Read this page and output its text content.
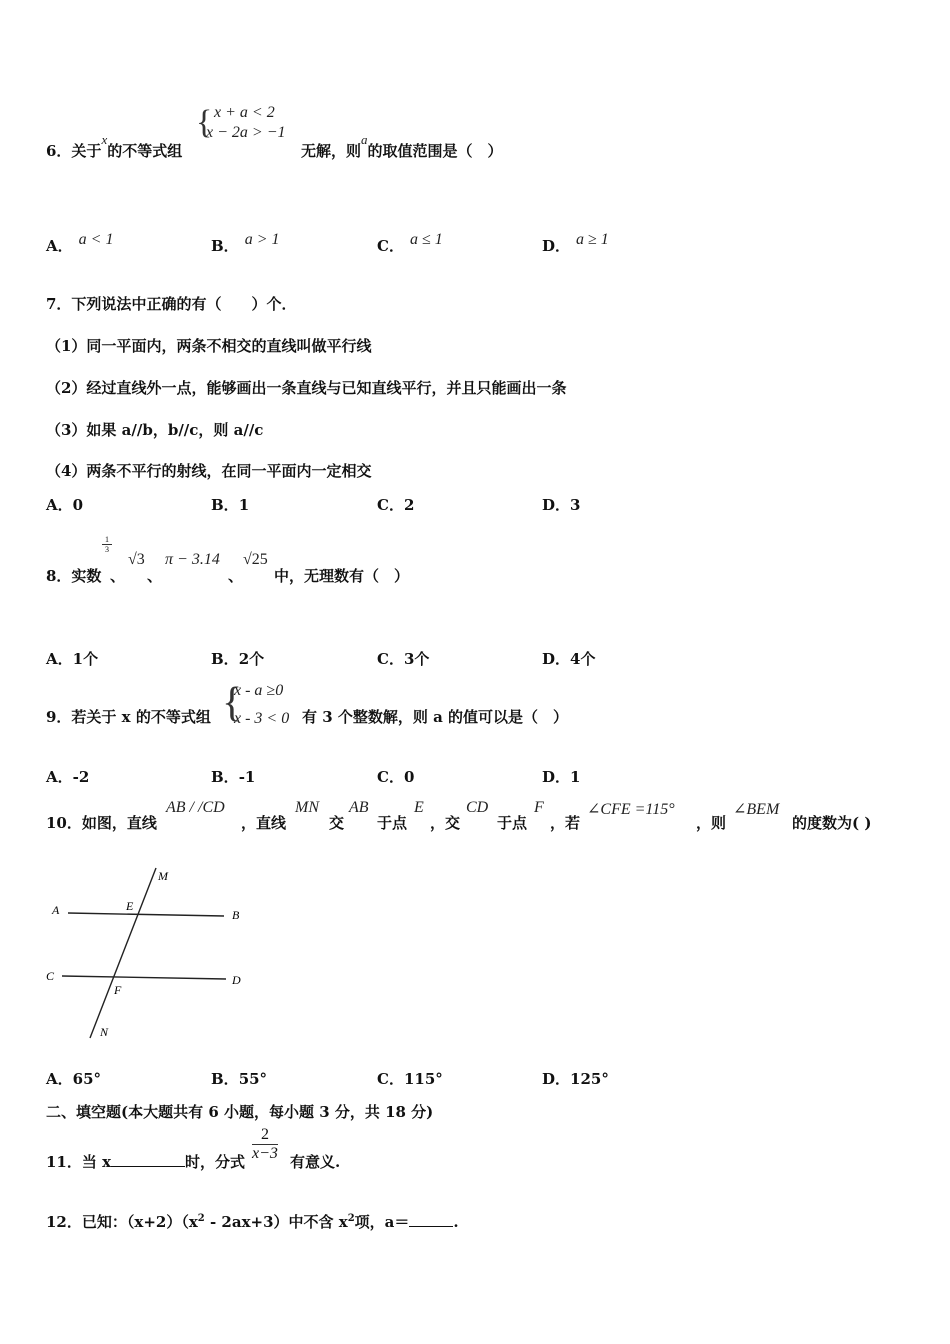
6．关于x的不等式组
{ x + a < 2
x − 2a > −1
无解，则a的取值范围是（　）
A． a < 1	B． a > 1	C． a ≤ 1	D． a ≥ 1
7．下列说法中正确的有（　　）个．
（1）同一平面内，两条不相交的直线叫做平行线
（2）经过直线外一点，能够画出一条直线与已知直线平行，并且只能画出一条
（3）如果 a//b，b//c，则 a//c
（4）两条不平行的射线，在同一平面内一定相交
A．0	B．1	C．2	D．3
8．实数
1
3
、
√3
、
π − 3.14
、
√25
中，无理数有（　）
A．1个	B．2个	C．3个	D．4个
9．若关于 x 的不等式组 {
x - a ≥0
x - 3 < 0 有 3 个整数解，则 a 的值可以是（　）
A．-2	B．-1	C．0	D．1
10．如图，直线
AB / /CD
，直线
MN
交
AB
于点
E
，交
CD
于点
F
，若
∠CFE =115°
，则
∠BEM
的度数为( )
A	B
C	D
E
F
M
N
A．65°	B．55°	C．115°	D．125°
二、填空题(本大题共有 6 小题，每小题 3 分，共 18 分)
11．当 x	时，分式 $\frac{2}{x-3}$ 有意义.
12．已知：$(x+2)(x^2 - 2ax+3)$中不含 $x^2$项，a＝	.
